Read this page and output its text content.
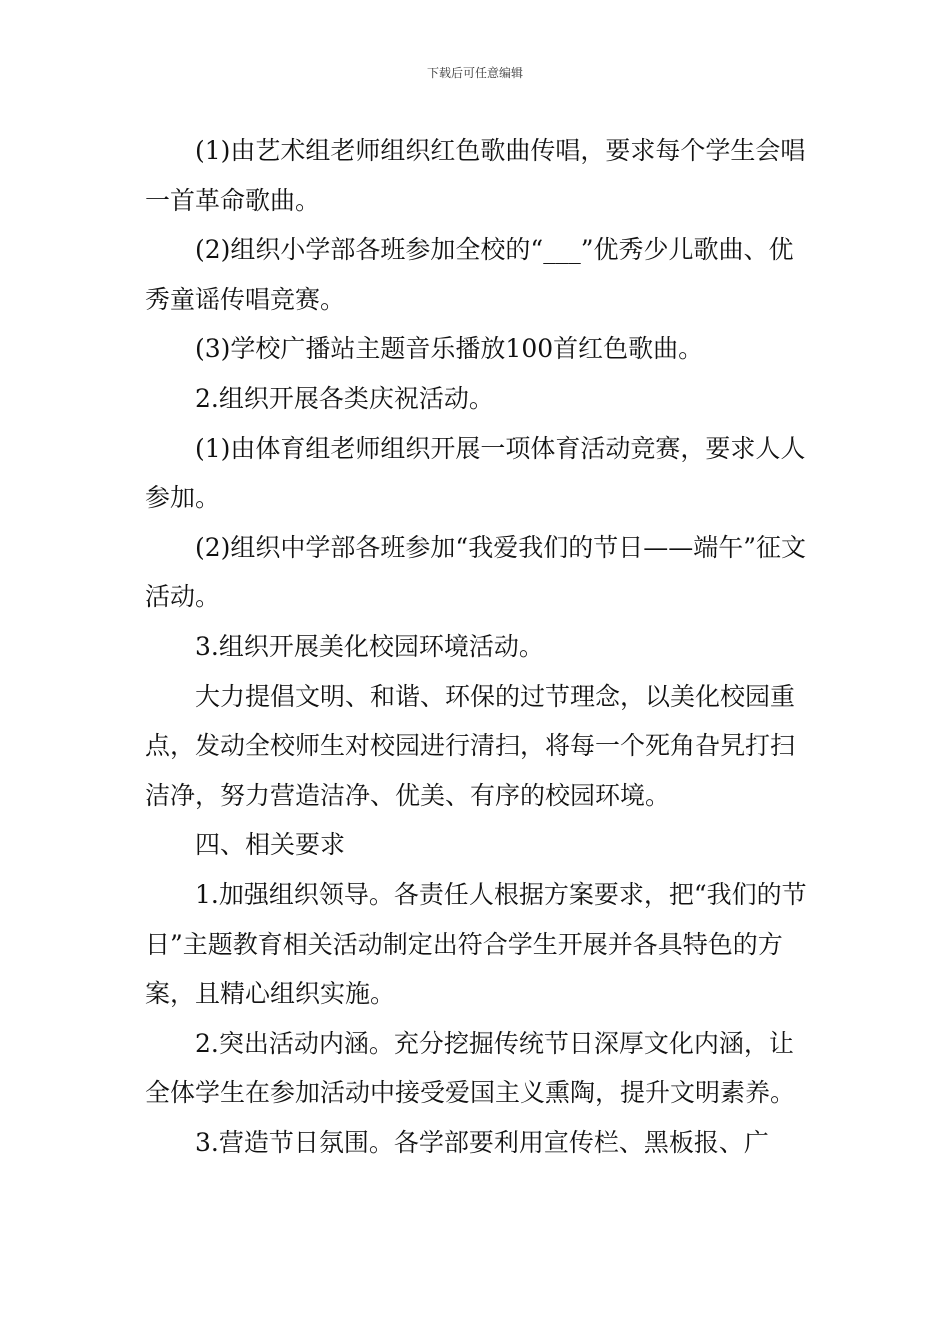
下载后可任意编辑

(1)由艺术组老师组织红色歌曲传唱，要求每个学生会唱一首革命歌曲。

(2)组织小学部各班参加全校的“___”优秀少儿歌曲、优秀童谣传唱竞赛。

(3)学校广播站主题音乐播放100首红色歌曲。

2.组织开展各类庆祝活动。

(1)由体育组老师组织开展一项体育活动竞赛，要求人人参加。

(2)组织中学部各班参加“我爱我们的节日——端午”征文活动。

3.组织开展美化校园环境活动。

大力提倡文明、和谐、环保的过节理念，以美化校园重点，发动全校师生对校园进行清扫，将每一个死角旮旯打扫洁净，努力营造洁净、优美、有序的校园环境。

四、相关要求

1.加强组织领导。各责任人根据方案要求，把“我们的节日”主题教育相关活动制定出符合学生开展并各具特色的方案，且精心组织实施。

2.突出活动内涵。充分挖掘传统节日深厚文化内涵，让全体学生在参加活动中接受爱国主义熏陶，提升文明素养。

3.营造节日氛围。各学部要利用宣传栏、黑板报、广
